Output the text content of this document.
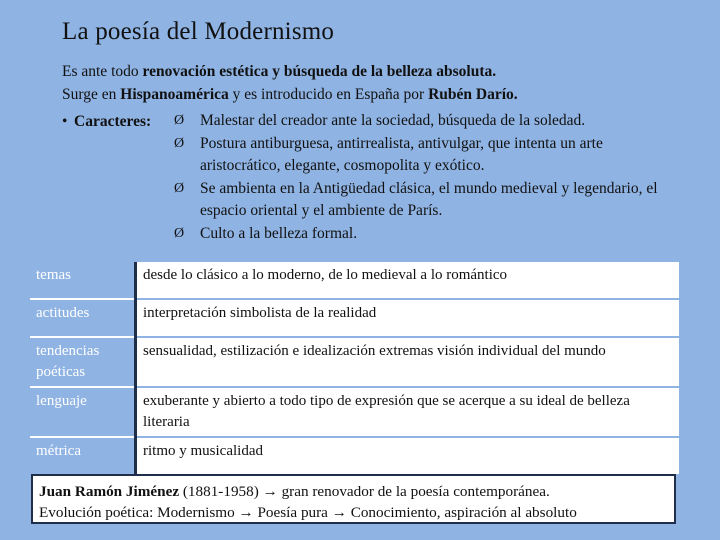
La poesía del Modernismo
Es ante todo renovación estética y búsqueda de la belleza absoluta.
Surge en Hispanoamérica y es introducido en España por Rubén Darío.
• Caracteres: Ø	Malestar del creador ante la sociedad, búsqueda de la soledad.
Ø	Postura antiburguesa, antirrealista, antivulgar, que intenta un arte aristocrático, elegante, cosmopolita y exótico.
Ø	Se ambienta en la Antigüedad clásica, el mundo medieval y legendario, el espacio oriental y el ambiente de París.
Ø	Culto a la belleza formal.
temas	desde lo clásico a lo moderno, de lo medieval a lo romántico
actitudes	interpretación simbolista de la realidad
tendencias poéticas	sensualidad, estilización e idealización extremas visión individual del mundo
lenguaje	exuberante y abierto a todo tipo de expresión que se acerque a su ideal de belleza literaria
métrica	ritmo y musicalidad
Juan Ramón Jiménez (1881-1958) → gran renovador de la poesía contemporánea.
Evolución poética: Modernismo → Poesía pura → Conocimiento, aspiración al absoluto
